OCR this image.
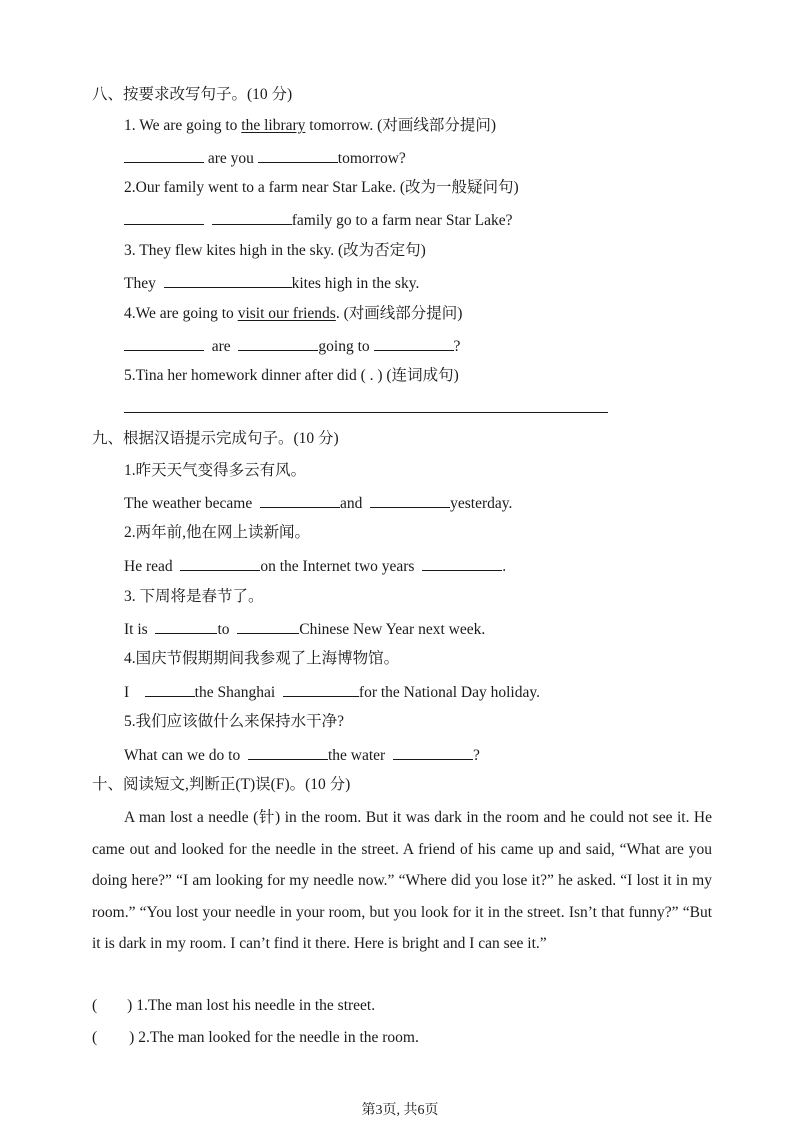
八、按要求改写句子。(10 分)
1. We are going to the library tomorrow. (对画线部分提问)
are you	tomorrow?
2.Our family went to a farm near Star Lake. (改为一般疑问句)
family go to a farm near Star Lake?
3. They flew kites high in the sky. (改为否定句)
They	kites high in the sky.
4.We are going to visit our friends. (对画线部分提问)
are	going to	?
5.Tina her homework dinner after did ( . ) (连词成句)
九、根据汉语提示完成句子。(10 分)
1.昨天天气变得多云有风。
The weather became	and	yesterday.
2.两年前,他在网上读新闻。
He read	on the Internet two years	.
3. 下周将是春节了。
It is	to	Chinese New Year next week.
4.国庆节假期期间我参观了上海博物馆。
I	the Shanghai	for the National Day holiday.
5.我们应该做什么来保持水干净?
What can we do to	the water	?
十、阅读短文,判断正(T)误(F)。(10 分)
A man lost a needle (针) in the room. But it was dark in the room and he could not see it. He came out and looked for the needle in the street. A friend of his came up and said, “What are you doing here?” “I am looking for my needle now.” “Where did you lose it?” he asked. “I lost it in my room.” “You lost your needle in your room, but you look for it in the street. Isn’t that funny?” “But it is dark in my room. I can’t find it there. Here is bright and I can see it.”
( ) 1.The man lost his needle in the street.
( ) 2.The man looked for the needle in the room.
第3页, 共6页
